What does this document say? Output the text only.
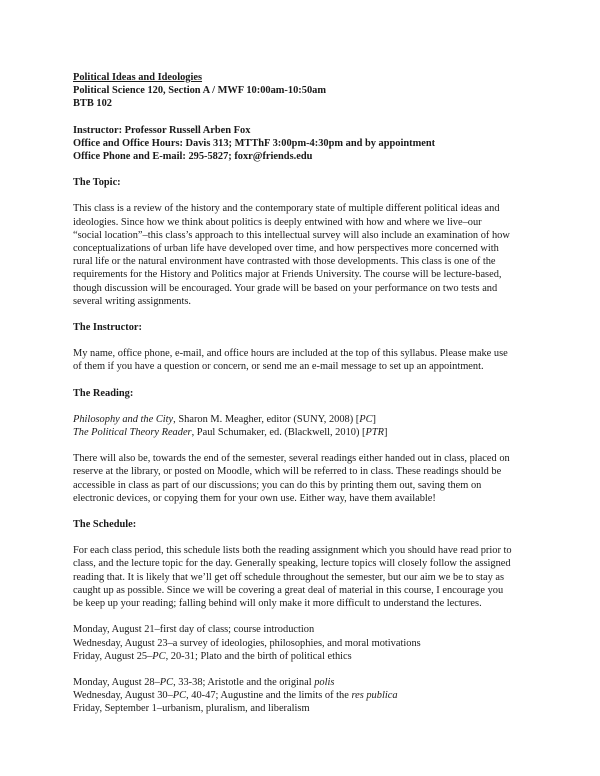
Political Ideas and Ideologies
Political Science 120, Section A / MWF 10:00am-10:50am
BTB 102
Instructor: Professor Russell Arben Fox
Office and Office Hours: Davis 313; MTThF 3:00pm-4:30pm and by appointment
Office Phone and E-mail: 295-5827; foxr@friends.edu
The Topic:
This class is a review of the history and the contemporary state of multiple different political ideas and
ideologies. Since how we think about politics is deeply entwined with how and where we live–our
“social location”–this class’s approach to this intellectual survey will also include an examination of how
conceptualizations of urban life have developed over time, and how perspectives more concerned with
rural life or the natural environment have contrasted with those developments. This class is one of the
requirements for the History and Politics major at Friends University. The course will be lecture-based,
though discussion will be encouraged. Your grade will be based on your performance on two tests and
several writing assignments.
The Instructor:
My name, office phone, e-mail, and office hours are included at the top of this syllabus. Please make use
of them if you have a question or concern, or send me an e-mail message to set up an appointment.
The Reading:
Philosophy and the City, Sharon M. Meagher, editor (SUNY, 2008) [PC]
The Political Theory Reader, Paul Schumaker, ed. (Blackwell, 2010) [PTR]
There will also be, towards the end of the semester, several readings either handed out in class, placed on
reserve at the library, or posted on Moodle, which will be referred to in class. These readings should be
accessible in class as part of our discussions; you can do this by printing them out, saving them on
electronic devices, or copying them for your own use. Either way, have them available!
The Schedule:
For each class period, this schedule lists both the reading assignment which you should have read prior to
class, and the lecture topic for the day. Generally speaking, lecture topics will closely follow the assigned
reading that. It is likely that we’ll get off schedule throughout the semester, but our aim we be to stay as
caught up as possible. Since we will be covering a great deal of material in this course, I encourage you
be keep up your reading; falling behind will only make it more difficult to understand the lectures.
Monday, August 21–first day of class; course introduction
Wednesday, August 23–a survey of ideologies, philosophies, and moral motivations
Friday, August 25–PC, 20-31; Plato and the birth of political ethics
Monday, August 28–PC, 33-38; Aristotle and the original polis
Wednesday, August 30–PC, 40-47; Augustine and the limits of the res publica
Friday, September 1–urbanism, pluralism, and liberalism
